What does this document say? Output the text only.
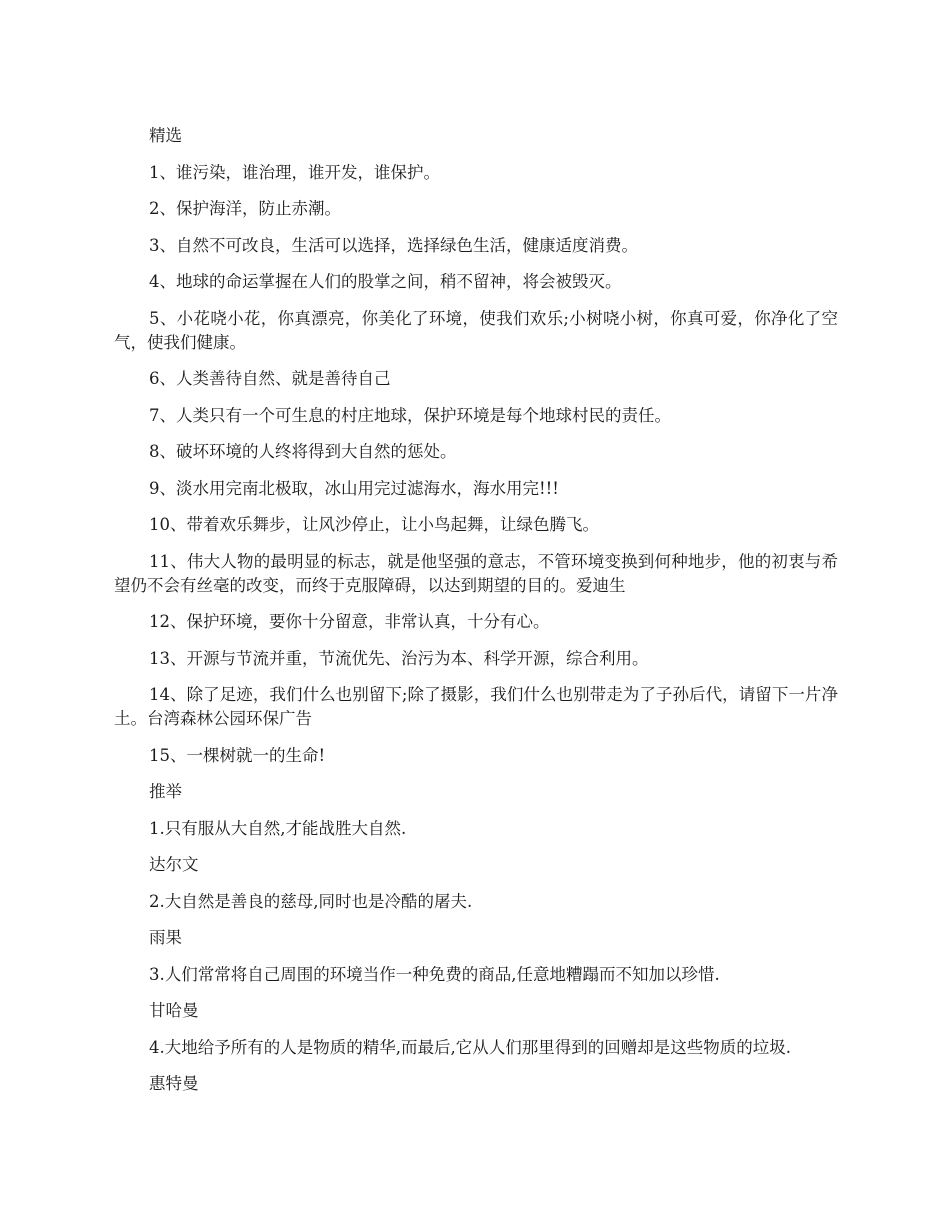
精选

1、谁污染，谁治理，谁开发，谁保护。

2、保护海洋，防止赤潮。

3、自然不可改良，生活可以选择，选择绿色生活，健康适度消费。

4、地球的命运掌握在人们的股掌之间，稍不留神，将会被毁灭。

5、小花哓小花，你真漂亮，你美化了环境，使我们欢乐;小树哓小树，你真可爱，你净化了空气，使我们健康。

6、人类善待自然、就是善待自己

7、人类只有一个可生息的村庄地球，保护环境是每个地球村民的责任。

8、破坏环境的人终将得到大自然的惩处。

9、淡水用完南北极取，冰山用完过滤海水，海水用完!!!

10、带着欢乐舞步，让风沙停止，让小鸟起舞，让绿色腾飞。

11、伟大人物的最明显的标志，就是他坚强的意志，不管环境变换到何种地步，他的初衷与希望仍不会有丝毫的改变，而终于克服障碍，以达到期望的目的。爱迪生

12、保护环境，要你十分留意，非常认真，十分有心。

13、开源与节流并重，节流优先、治污为本、科学开源，综合利用。

14、除了足迹，我们什么也别留下;除了摄影，我们什么也别带走为了子孙后代，请留下一片净土。台湾森林公园环保广告

15、一棵树就一的生命!

推举

1.只有服从大自然,才能战胜大自然.

达尔文

2.大自然是善良的慈母,同时也是冷酷的屠夫.

雨果

3.人们常常将自己周围的环境当作一种免费的商品,任意地糟蹋而不知加以珍惜.

甘哈曼

4.大地给予所有的人是物质的精华,而最后,它从人们那里得到的回赠却是这些物质的垃圾.

惠特曼
